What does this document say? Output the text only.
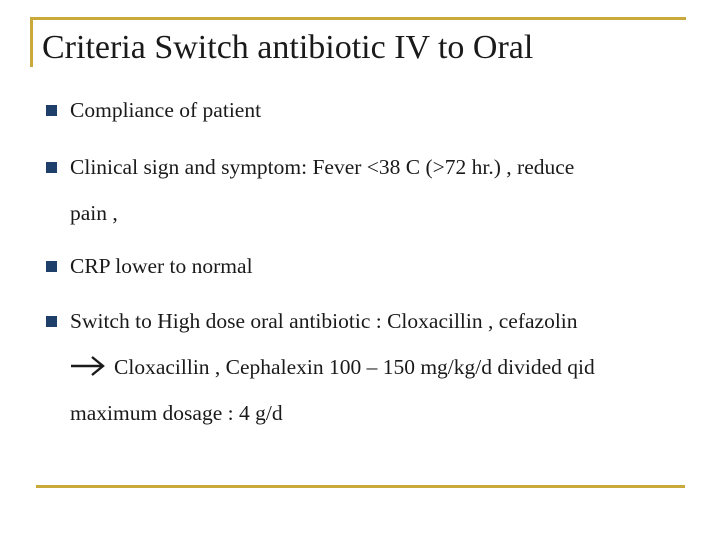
Criteria Switch antibiotic IV to Oral
Compliance of patient
Clinical sign and symptom: Fever <38 C (>72 hr.) , reduce
pain ,
CRP lower to normal
Switch to High dose oral antibiotic : Cloxacillin , cefazolin
Cloxacillin , Cephalexin 100 – 150 mg/kg/d divided qid
maximum dosage : 4 g/d
